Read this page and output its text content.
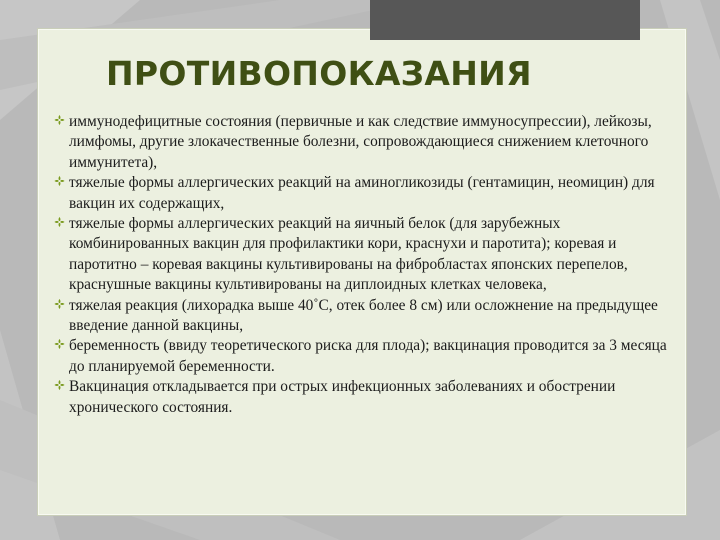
ПРОТИВОПОКАЗАНИЯ
иммунодефицитные состояния (первичные и как следствие иммуносупрессии), лейкозы, лимфомы, другие злокачественные болезни, сопровождающиеся снижением клеточного иммунитета),
тяжелые формы аллергических реакций на аминогликозиды (гентамицин, неомицин) для вакцин их содержащих,
тяжелые формы аллергических реакций на яичный белок (для зарубежных комбинированных вакцин для профилактики кори, краснухи и паротита); коревая и паротитно – коревая вакцины культивированы на фибробластах японских перепелов, краснушные вакцины культивированы на диплоидных клетках человека,
тяжелая реакция (лихорадка выше 40˚С, отек более 8 см) или осложнение на предыдущее введение данной вакцины,
беременность (ввиду теоретического риска для плода); вакцинация проводится за 3 месяца до планируемой беременности.
Вакцинация откладывается при острых инфекционных заболеваниях и обострении хронического состояния.
